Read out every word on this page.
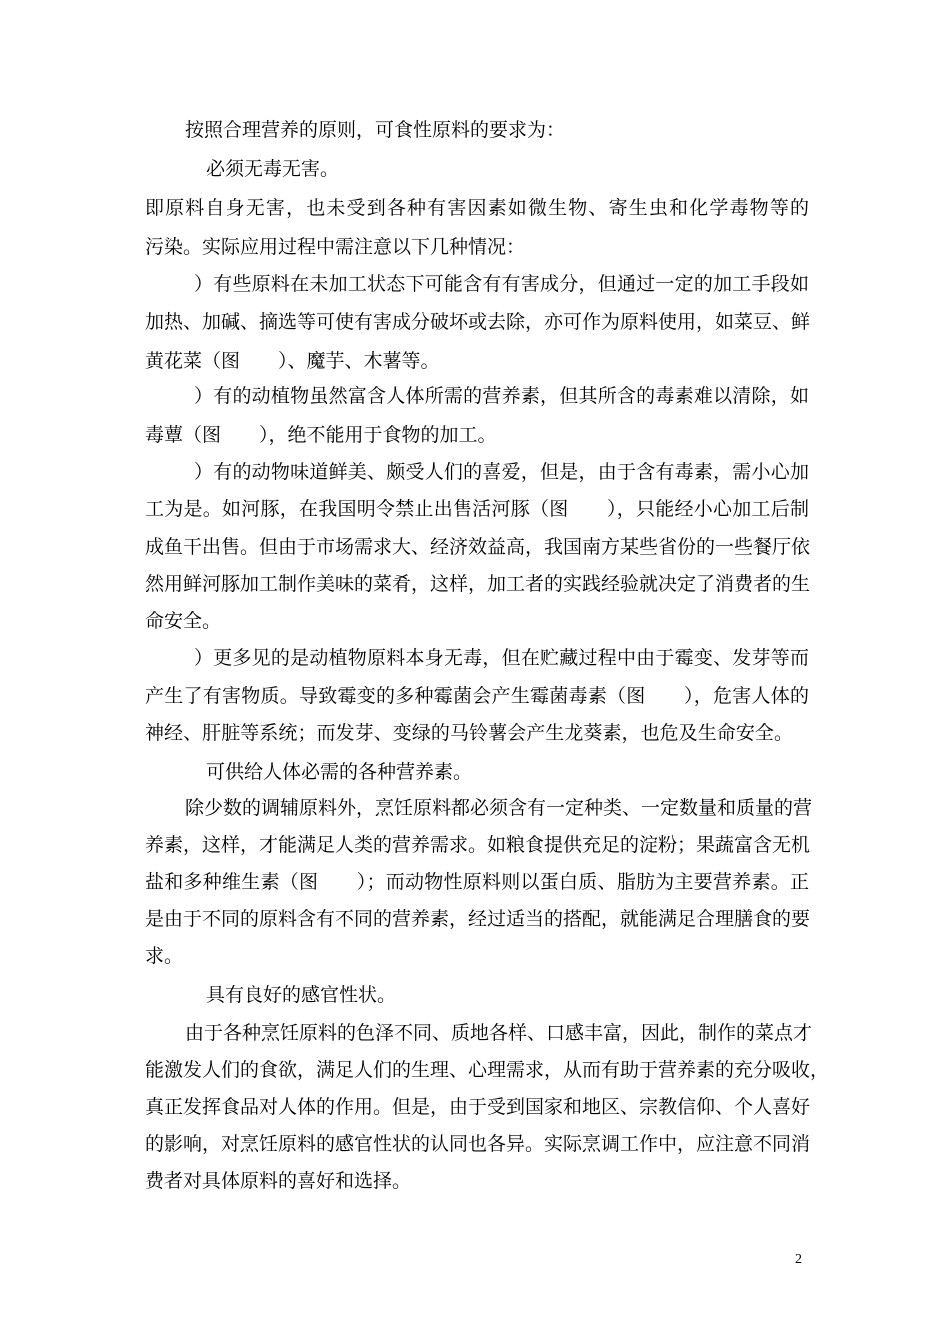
按照合理营养的原则，可食性原料的要求为：
必须无毒无害。
即原料自身无害，也未受到各种有害因素如微生物、寄生虫和化学毒物等的
污染。实际应用过程中需注意以下几种情况：
）有些原料在未加工状态下可能含有有害成分，但通过一定的加工手段如
加热、加碱、摘选等可使有害成分破坏或去除，亦可作为原料使用，如菜豆、鲜
黄花菜（图　　）、魔芋、木薯等。
）有的动植物虽然富含人体所需的营养素，但其所含的毒素难以清除，如
毒蕈（图　　），绝不能用于食物的加工。
）有的动物味道鲜美、颇受人们的喜爱，但是，由于含有毒素，需小心加
工为是。如河豚，在我国明令禁止出售活河豚（图　　），只能经小心加工后制
成鱼干出售。但由于市场需求大、经济效益高，我国南方某些省份的一些餐厅依
然用鲜河豚加工制作美味的菜肴，这样，加工者的实践经验就决定了消费者的生
命安全。
）更多见的是动植物原料本身无毒，但在贮藏过程中由于霉变、发芽等而
产生了有害物质。导致霉变的多种霉菌会产生霉菌毒素（图　　），危害人体的
神经、肝脏等系统；而发芽、变绿的马铃薯会产生龙葵素，也危及生命安全。
可供给人体必需的各种营养素。
除少数的调辅原料外，烹饪原料都必须含有一定种类、一定数量和质量的营
养素，这样，才能满足人类的营养需求。如粮食提供充足的淀粉；果蔬富含无机
盐和多种维生素（图　　）；而动物性原料则以蛋白质、脂肪为主要营养素。正
是由于不同的原料含有不同的营养素，经过适当的搭配，就能满足合理膳食的要
求。
具有良好的感官性状。
由于各种烹饪原料的色泽不同、质地各样、口感丰富，因此，制作的菜点才
能激发人们的食欲，满足人们的生理、心理需求，从而有助于营养素的充分吸收，
真正发挥食品对人体的作用。但是，由于受到国家和地区、宗教信仰、个人喜好
的影响，对烹饪原料的感官性状的认同也各异。实际烹调工作中，应注意不同消
费者对具体原料的喜好和选择。
2
